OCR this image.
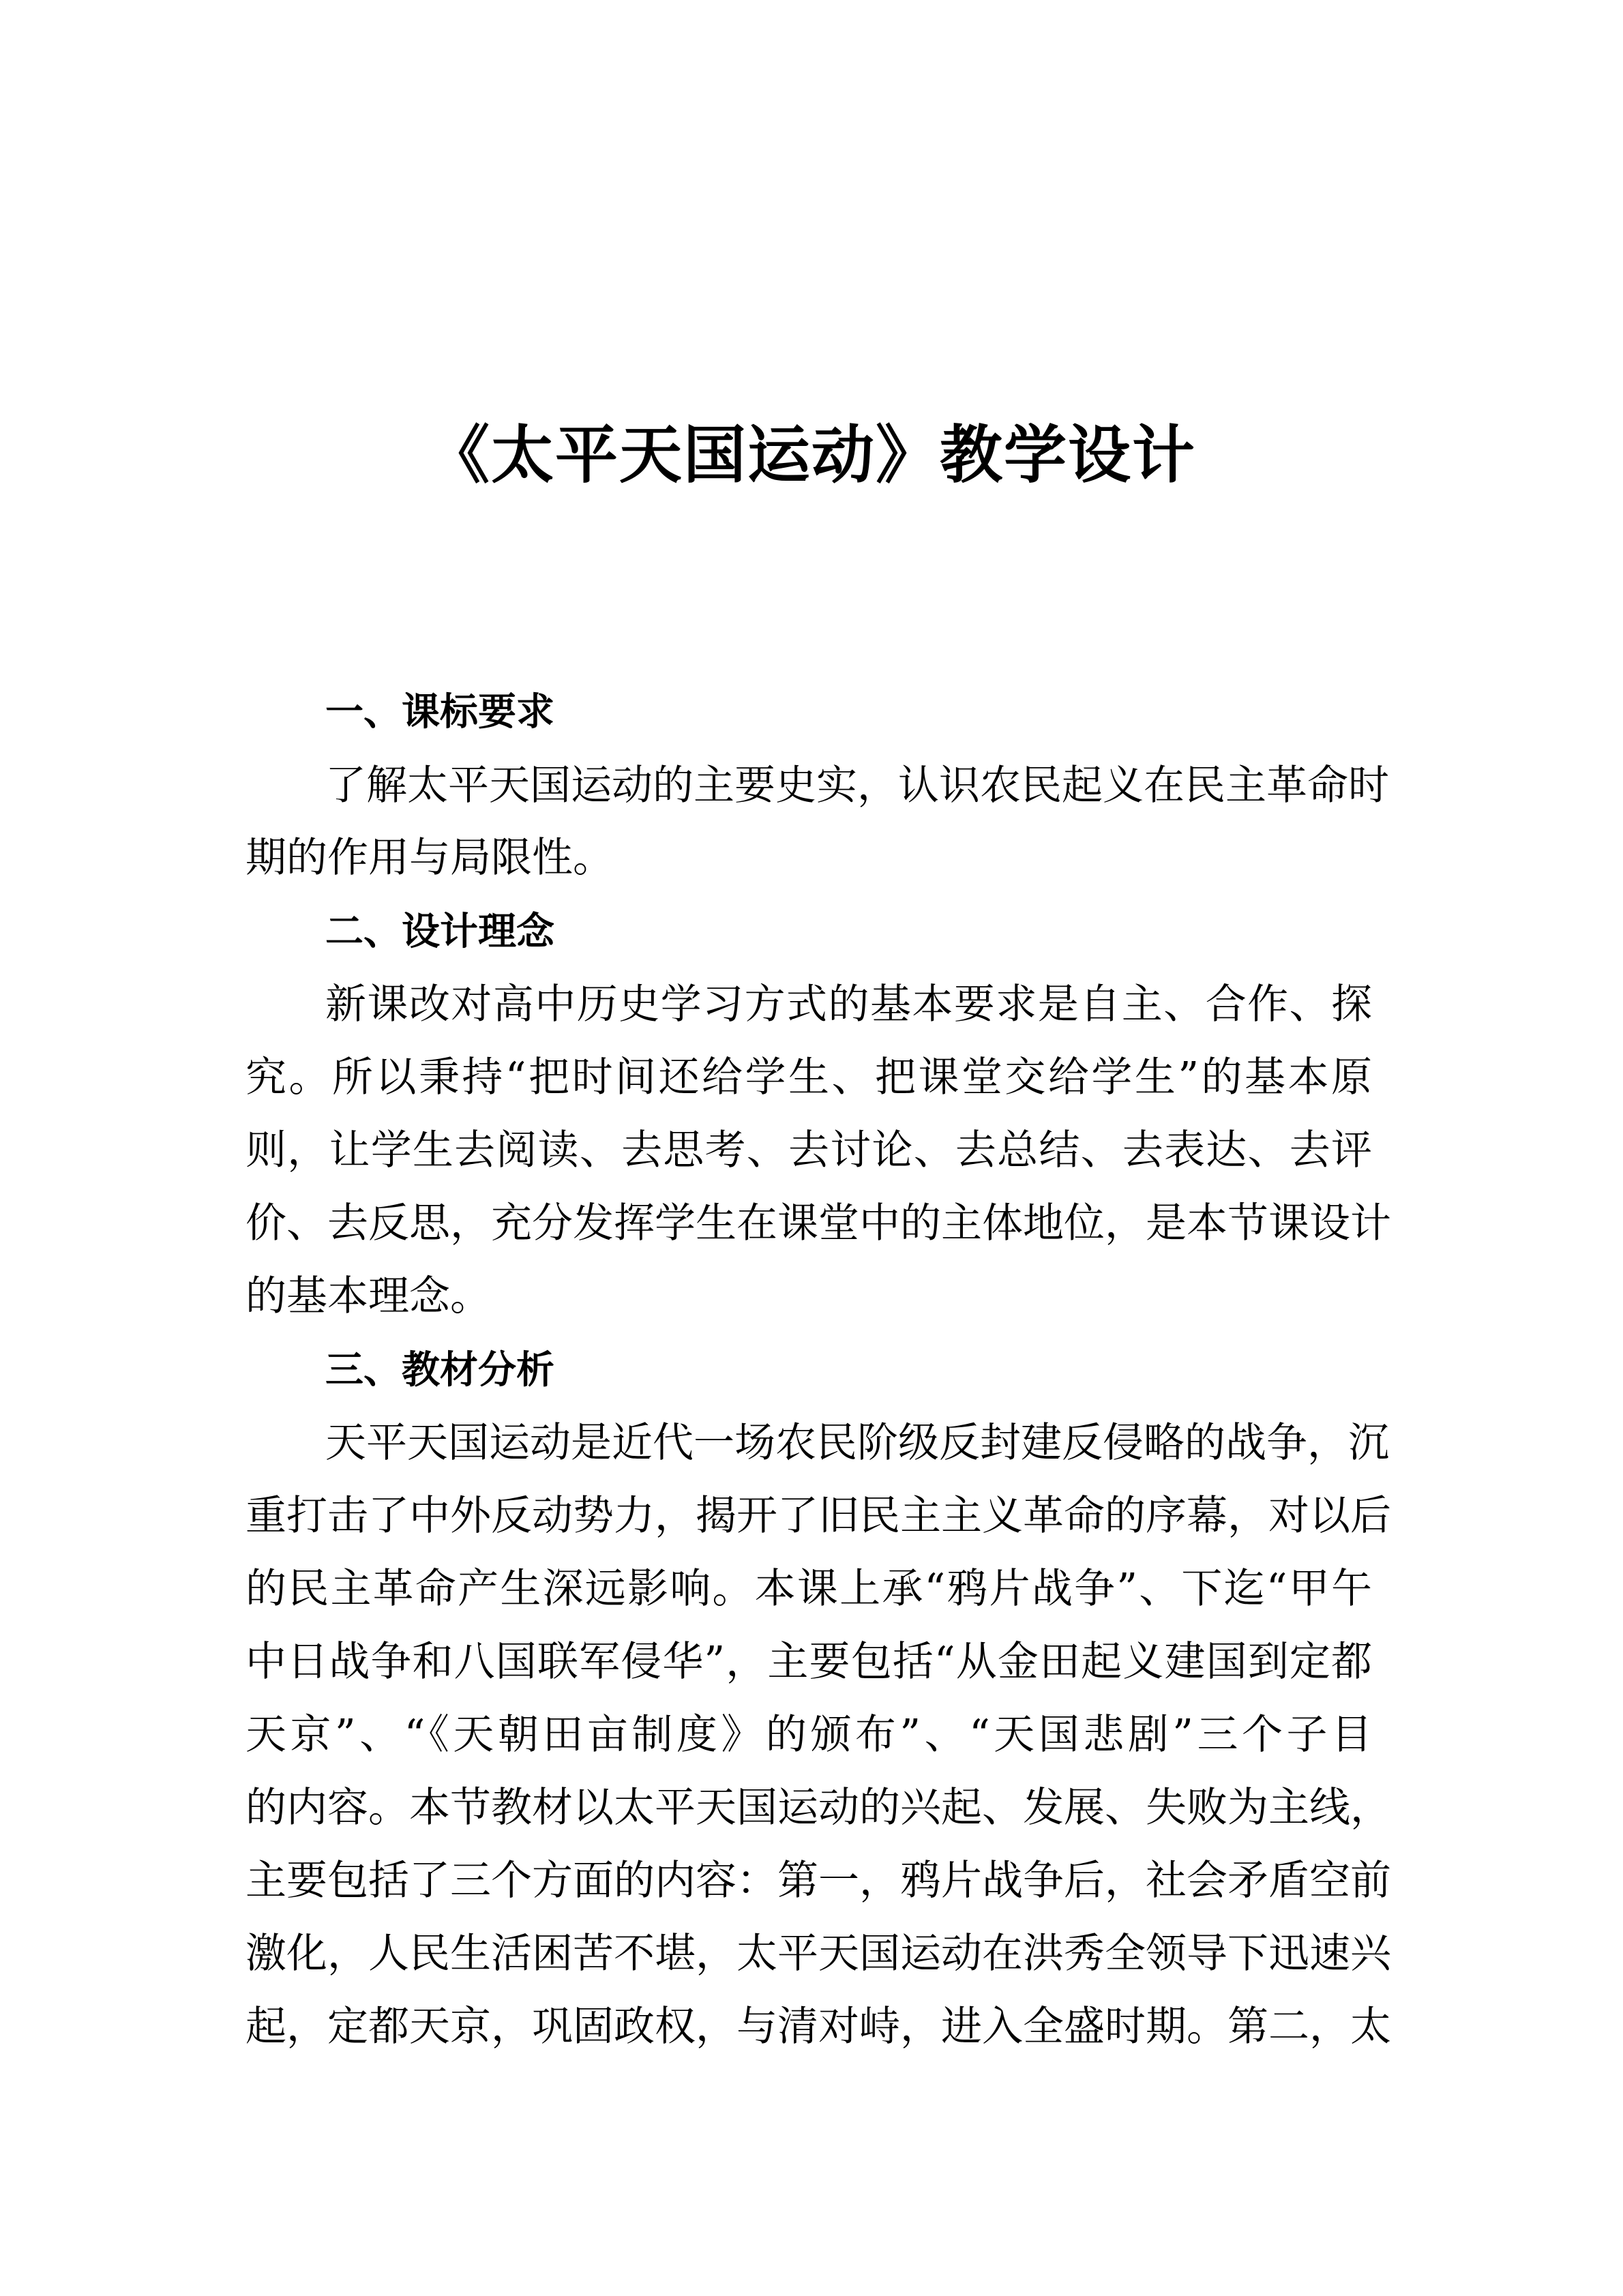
《太平天国运动》教学设计
一、课标要求
了解太平天国运动的主要史实，认识农民起义在民主革命时
期的作用与局限性。
二、设计理念
新课改对高中历史学习方式的基本要求是自主、合作、探
究。所以秉持“把时间还给学生、把课堂交给学生”的基本原
则，让学生去阅读、去思考、去讨论、去总结、去表达、去评
价、去反思，充分发挥学生在课堂中的主体地位，是本节课设计
的基本理念。
三、教材分析
天平天国运动是近代一场农民阶级反封建反侵略的战争，沉
重打击了中外反动势力，揭开了旧民主主义革命的序幕，对以后
的民主革命产生深远影响。本课上承“鸦片战争”、下迄“甲午
中日战争和八国联军侵华”，主要包括“从金田起义建国到定都
天京”、“《天朝田亩制度》的颁布”、“天国悲剧”三个子目
的内容。本节教材以太平天国运动的兴起、发展、失败为主线，
主要包括了三个方面的内容：第一，鸦片战争后，社会矛盾空前
激化，人民生活困苦不堪，太平天国运动在洪秀全领导下迅速兴
起，定都天京，巩固政权，与清对峙，进入全盛时期。第二，太
